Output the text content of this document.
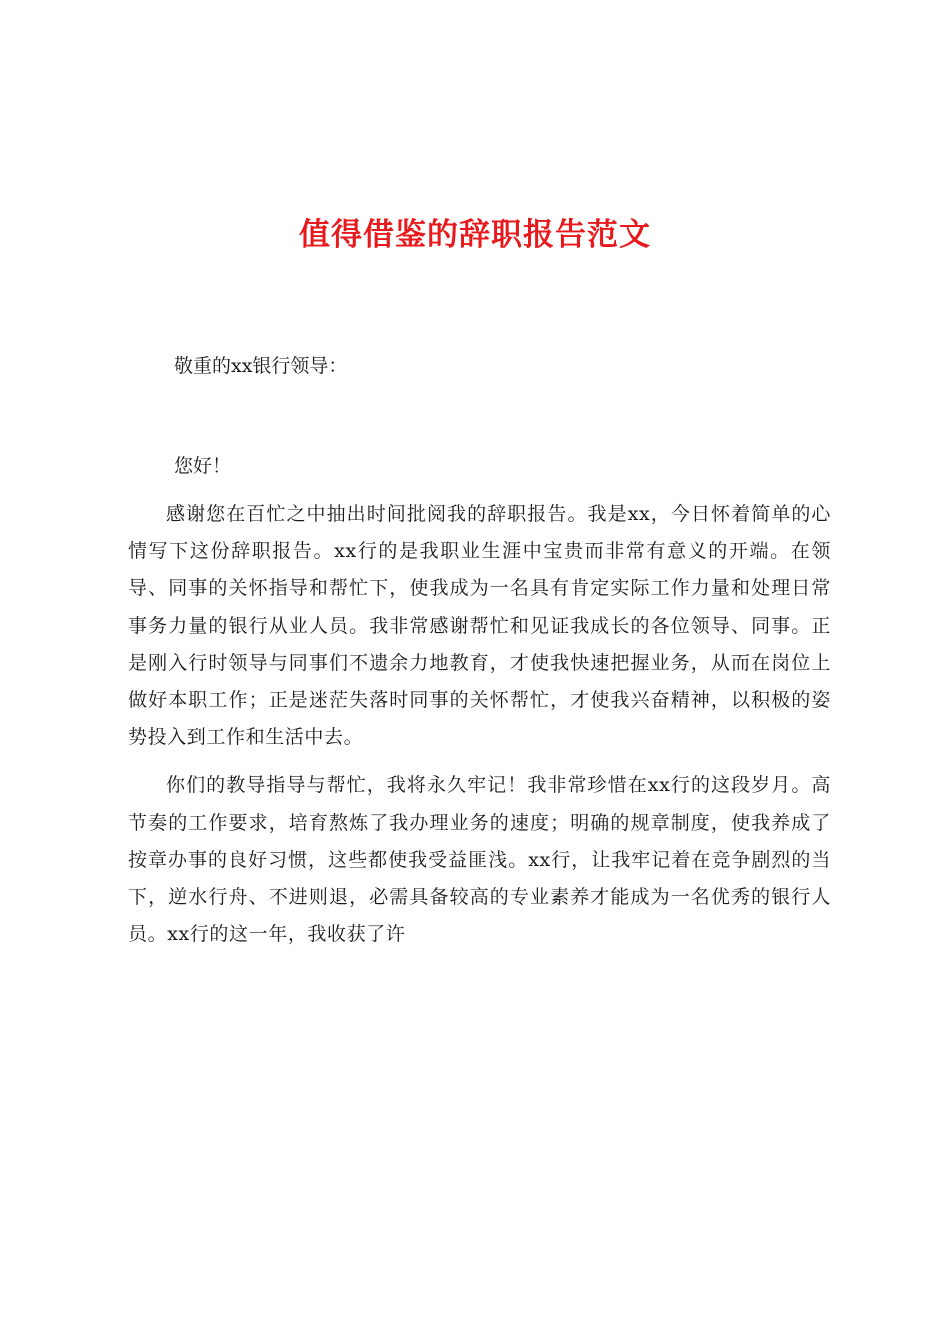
值得借鉴的辞职报告范文
敬重的xx银行领导：
您好！

感谢您在百忙之中抽出时间批阅我的辞职报告。我是xx，今日怀着简单的心情写下这份辞职报告。xx行的是我职业生涯中宝贵而非常有意义的开端。在领导、同事的关怀指导和帮忙下，使我成为一名具有肯定实际工作力量和处理日常事务力量的银行从业人员。我非常感谢帮忙和见证我成长的各位领导、同事。正是刚入行时领导与同事们不遗余力地教育，才使我快速把握业务，从而在岗位上做好本职工作；正是迷茫失落时同事的关怀帮忙，才使我兴奋精神，以积极的姿势投入到工作和生活中去。

你们的教导指导与帮忙，我将永久牢记！我非常珍惜在xx行的这段岁月。高节奏的工作要求，培育熬炼了我办理业务的速度；明确的规章制度，使我养成了按章办事的良好习惯，这些都使我受益匪浅。xx行，让我牢记着在竞争剧烈的当下，逆水行舟、不进则退，必需具备较高的专业素养才能成为一名优秀的银行人员。xx行的这一年，我收获了许
